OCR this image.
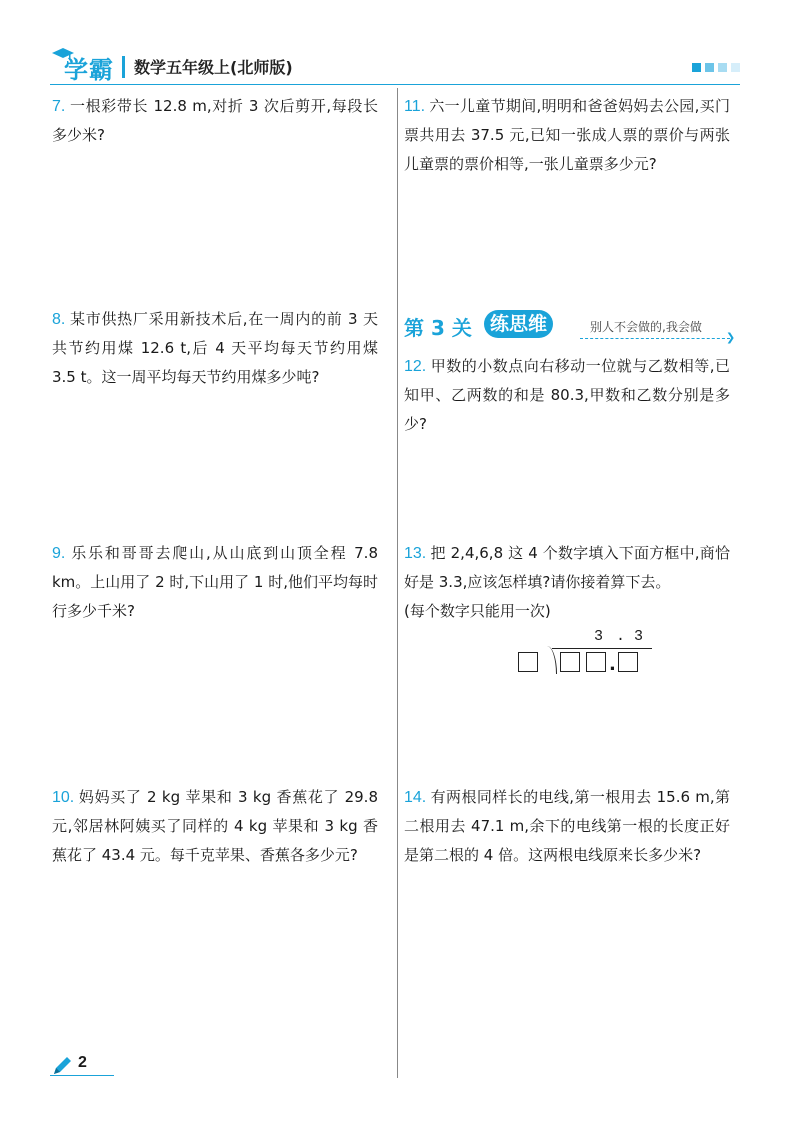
学霸 数学五年级上(北师版)
7. 一根彩带长 12.8 m,对折 3 次后剪开,每段长多少米?
8. 某市供热厂采用新技术后,在一周内的前 3 天共节约用煤 12.6 t,后 4 天平均每天节约用煤 3.5 t。这一周平均每天节约用煤多少吨?
9. 乐乐和哥哥去爬山,从山底到山顶全程 7.8 km。上山用了 2 时,下山用了 1 时,他们平均每时行多少千米?
10. 妈妈买了 2 kg 苹果和 3 kg 香蕉花了 29.8 元,邻居林阿姨买了同样的 4 kg 苹果和 3 kg 香蕉花了 43.4 元。每千克苹果、香蕉各多少元?
11. 六一儿童节期间,明明和爸爸妈妈去公园,买门票共用去 37.5 元,已知一张成人票的票价与两张儿童票的票价相等,一张儿童票多少元?
第 3 关 练思维	别人不会做的,我会做
❯
12. 甲数的小数点向右移动一位就与乙数相等,已知甲、乙两数的和是 80.3,甲数和乙数分别是多少?
13. 把 2,4,6,8 这 4 个数字填入下面方框中,商恰好是 3.3,应该怎样填?请你接着算下去。
(每个数字只能用一次)
3 . 3
.
14. 有两根同样长的电线,第一根用去 15.6 m,第二根用去 47.1 m,余下的电线第一根的长度正好是第二根的 4 倍。这两根电线原来长多少米?
2
